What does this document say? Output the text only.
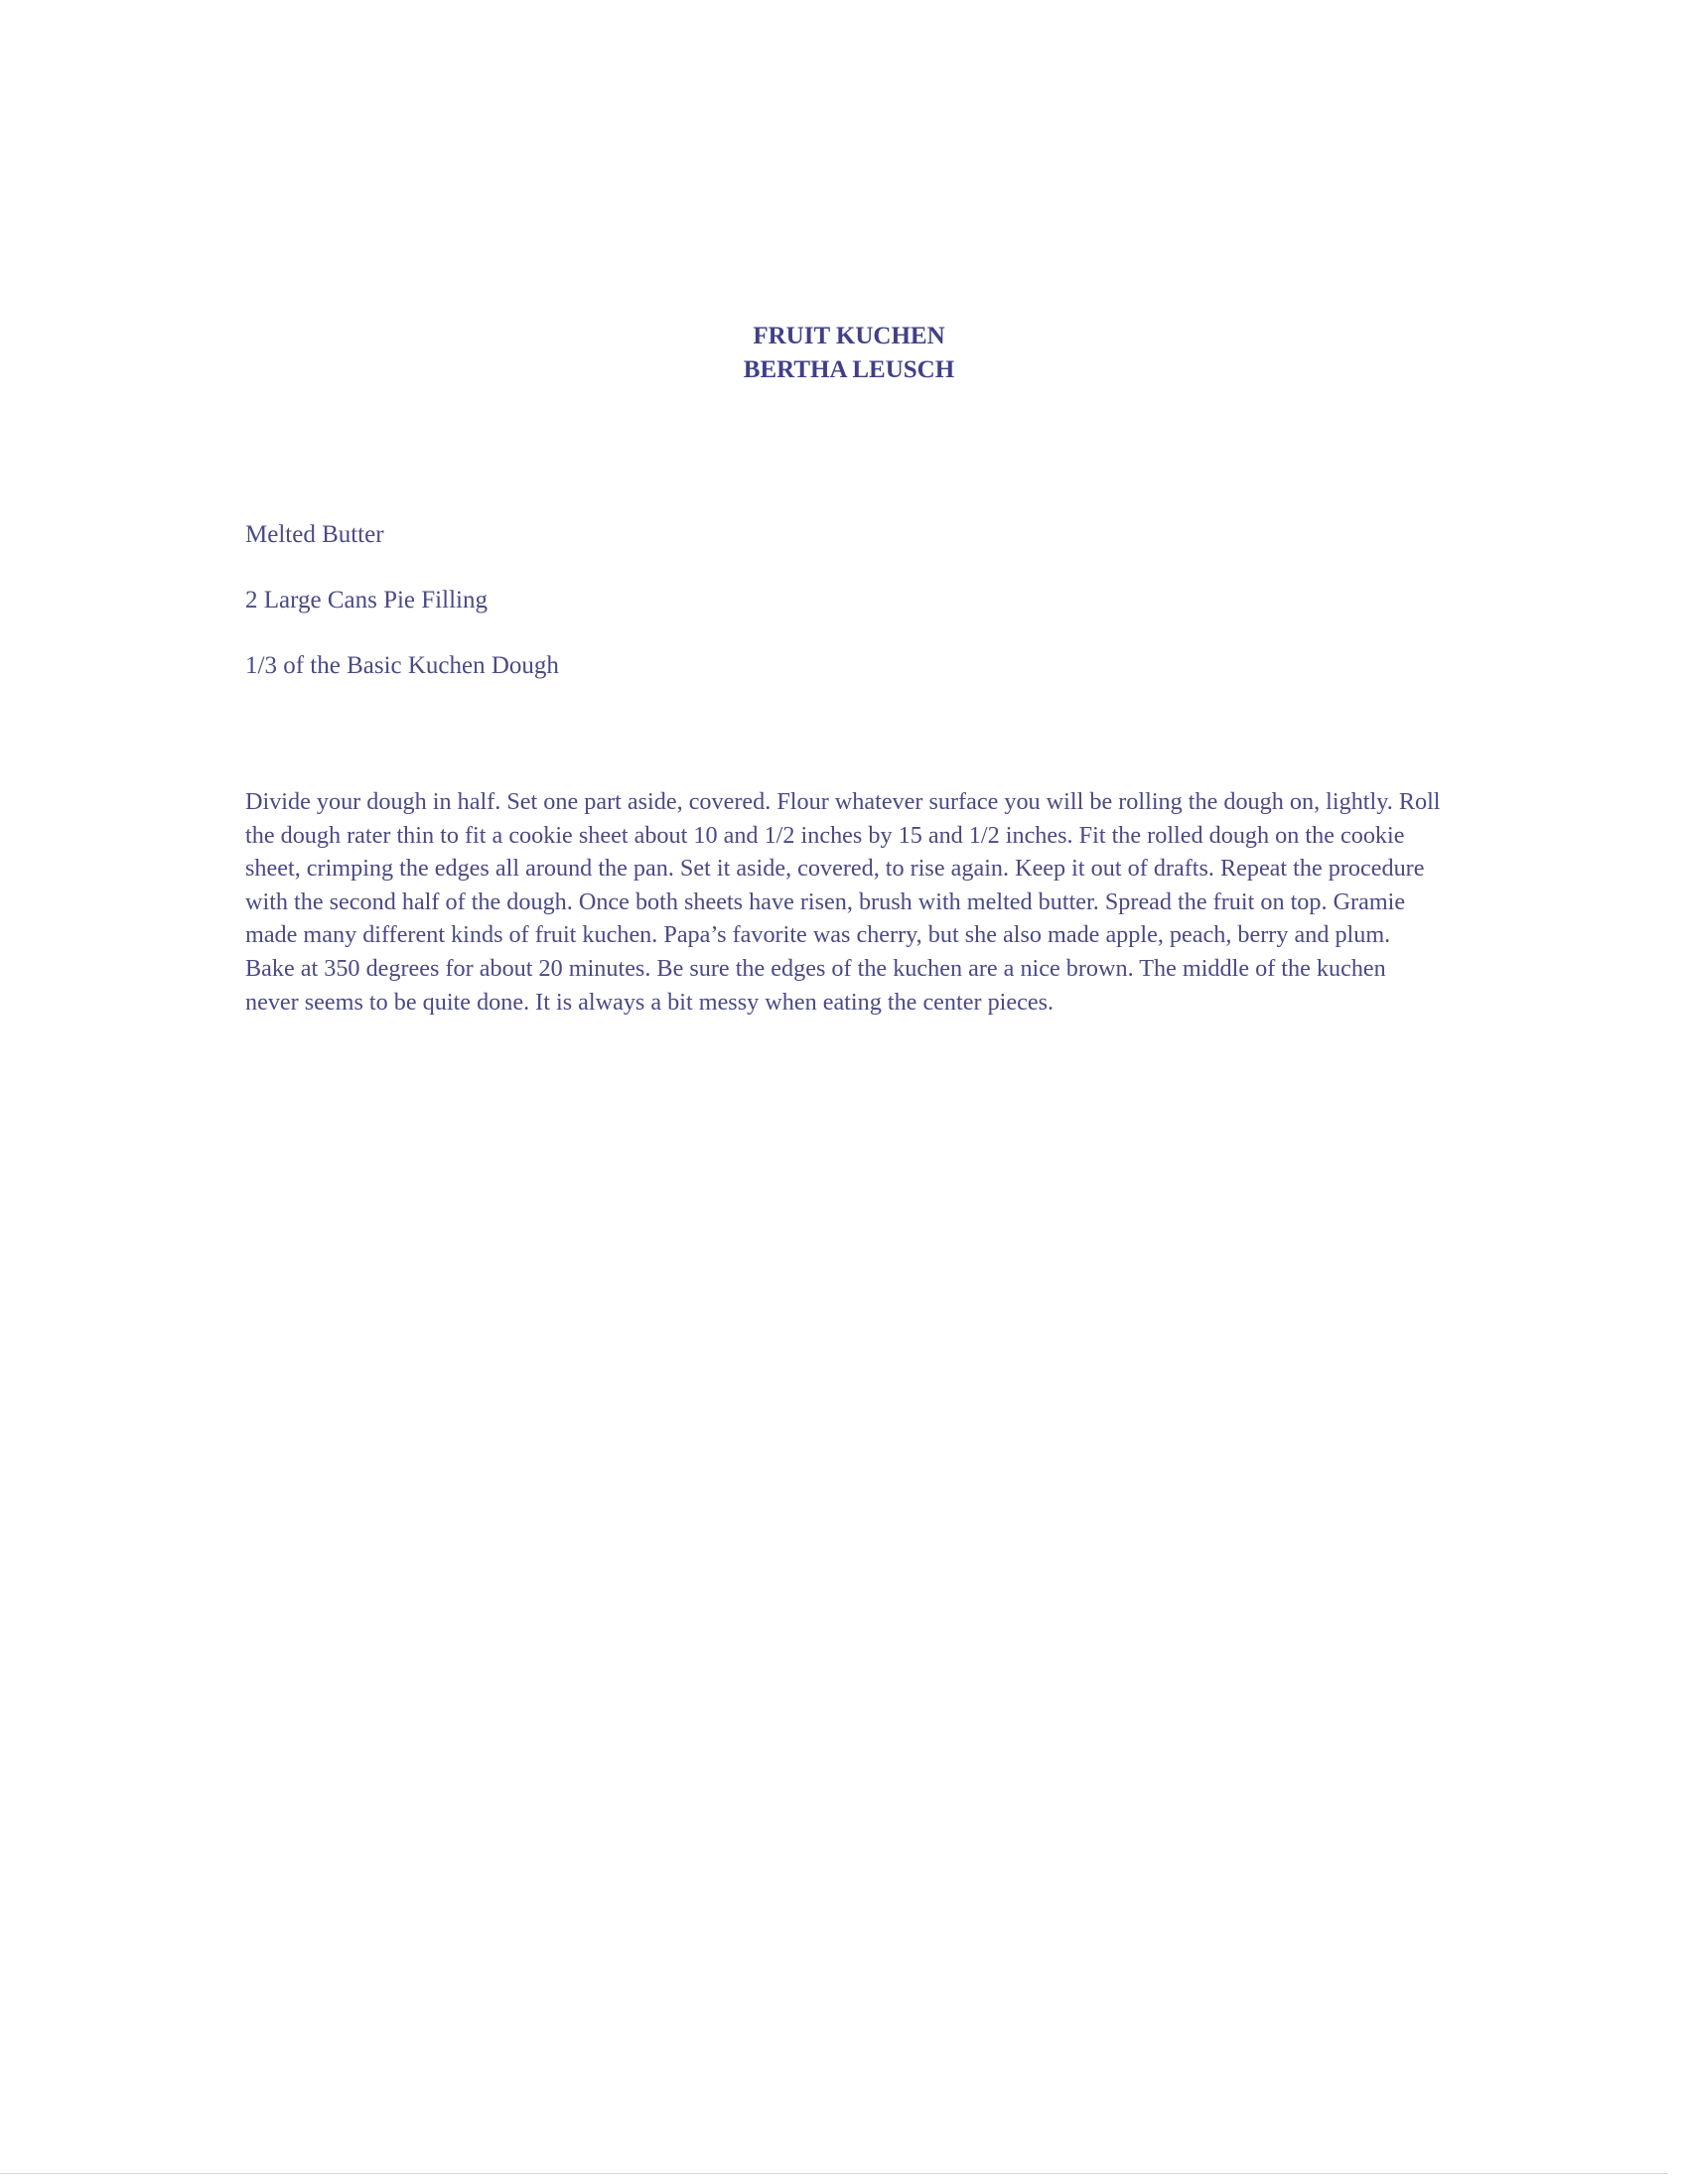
FRUIT KUCHEN
BERTHA LEUSCH
Melted Butter
2 Large Cans Pie Filling
1/3 of the Basic Kuchen Dough

Divide your dough in half. Set one part aside, covered. Flour whatever surface you will be rolling the dough on, lightly. Roll the dough rater thin to fit a cookie sheet about 10 and 1/2 inches by 15 and 1/2 inches. Fit the rolled dough on the cookie sheet, crimping the edges all around the pan. Set it aside, covered, to rise again. Keep it out of drafts. Repeat the procedure with the second half of the dough. Once both sheets have risen, brush with melted butter. Spread the fruit on top. Gramie made many different kinds of fruit kuchen. Papa’s favorite was cherry, but she also made apple, peach, berry and plum. Bake at 350 degrees for about 20 minutes. Be sure the edges of the kuchen are a nice brown. The middle of the kuchen never seems to be quite done. It is always a bit messy when eating the center pieces.
